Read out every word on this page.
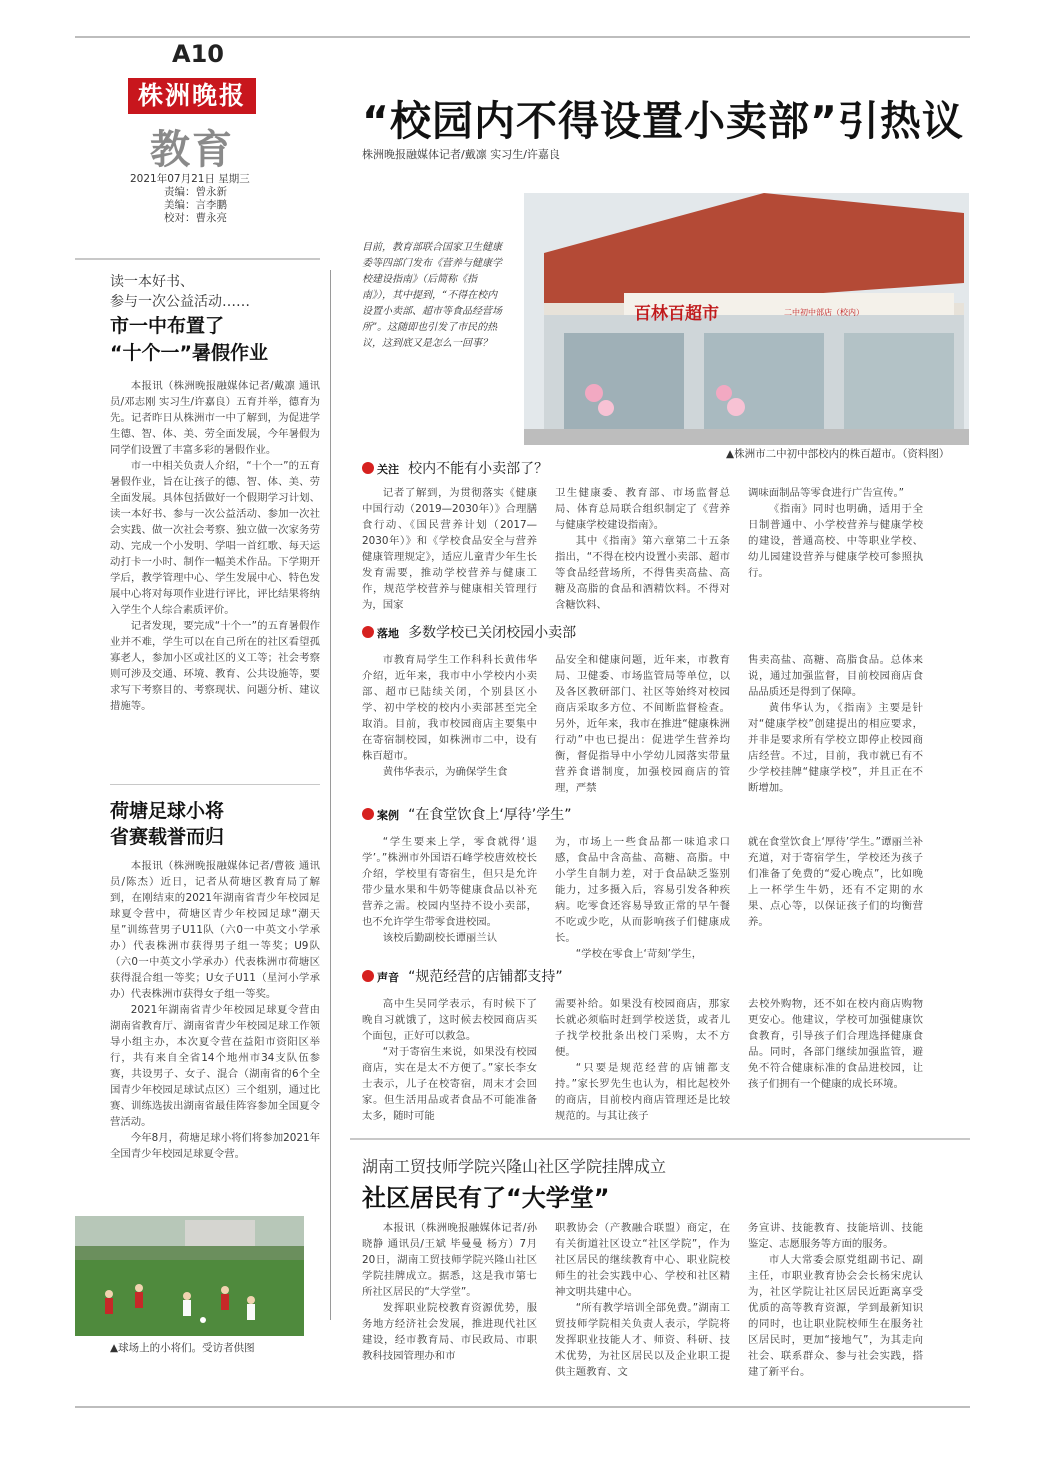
A10
株洲晚报
教育
2021年07月21日 星期三
责编：曾永新
美编：言李鹏
校对：曹永亮
“校园内不得设置小卖部”引热议
株洲晚报融媒体记者/戴凛 实习生/许嘉良
读一本好书、
参与一次公益活动……
市一中布置了
“十个一”暑假作业

本报讯（株洲晚报融媒体记者/戴凛 通讯员/邓志刚 实习生/许嘉良）五育并举，德育为先。记者昨日从株洲市一中了解到，为促进学生德、智、体、美、劳全面发展，今年暑假为同学们设置了丰富多彩的暑假作业。

市一中相关负责人介绍，“十个一”的五育暑假作业，旨在让孩子的德、智、体、美、劳全面发展。具体包括做好一个假期学习计划、读一本好书、参与一次公益活动、参加一次社会实践、做一次社会考察、独立做一次家务劳动、完成一个小发明、学唱一首红歌、每天运动打卡一小时、制作一幅美术作品。下学期开学后，教学管理中心、学生发展中心、特色发展中心将对每项作业进行评比，评比结果将纳入学生个人综合素质评价。

记者发现，要完成“十个一”的五育暑假作业并不难，学生可以在自己所在的社区看望孤寡老人，参加小区或社区的义工等；社会考察则可涉及交通、环境、教育、公共设施等，要求写下考察目的、考察现状、问题分析、建议措施等。

荷塘足球小将
省赛载誉而归

本报讯（株洲晚报融媒体记者/曹筱 通讯员/陈杰）近日，记者从荷塘区教育局了解到，在刚结束的2021年湖南省青少年校园足球夏令营中，荷塘区青少年校园足球“潮天星”训练营男子U11队（六0一中英文小学承办）代表株洲市获得男子组一等奖；U9队（六0一中英文小学承办）代表株洲市荷塘区获得混合组一等奖；U女子U11（星河小学承办）代表株洲市获得女子组一等奖。

2021年湖南省青少年校园足球夏令营由湖南省教育厅、湖南省青少年校园足球工作领导小组主办，本次夏令营在益阳市资阳区举行，共有来自全省14个地州市34支队伍参赛，共设男子、女子、混合（湖南省的6个全国青少年校园足球试点区）三个组别，通过比赛、训练选拔出湖南省最佳阵容参加全国夏令营活动。

今年8月，荷塘足球小将们将参加2021年全国青少年校园足球夏令营。

▲球场上的小将们。受访者供图
目前，教育部联合国家卫生健康委等四部门发布《营养与健康学校建设指南》（后简称《指南》），其中提到，“不得在校内设置小卖部、超市等食品经营场所”。这随即也引发了市民的热议，这到底又是怎么一回事？
百林百超市	二中初中部店（校内）
▲株洲市二中初中部校内的株百超市。（资料图）
关注 校内不能有小卖部了？

记者了解到，为贯彻落实《健康中国行动（2019—2030年）》合理膳食行动、《国民营养计划（2017—2030年）》和《学校食品安全与营养健康管理规定》，适应儿童青少年生长发育需要，推动学校营养与健康工作，规范学校营养与健康相关管理行为，国家

卫生健康委、教育部、市场监督总局、体育总局联合组织制定了《营养与健康学校建设指南》。

其中《指南》第六章第二十五条指出，“不得在校内设置小卖部、超市等食品经营场所，不得售卖高盐、高糖及高脂的食品和酒精饮料。不得对含糖饮料、

调味面制品等零食进行广告宣传。”

《指南》同时也明确，适用于全日制普通中、小学校营养与健康学校的建设，普通高校、中等职业学校、幼儿园建设营养与健康学校可参照执行。

落地 多数学校已关闭校园小卖部

市教育局学生工作科科长黄伟华介绍，近年来，我市中小学校内小卖部、超市已陆续关闭，个别县区小学、初中学校的校内小卖部甚至完全取消。目前，我市校园商店主要集中在寄宿制校园，如株洲市二中，设有株百超市。

黄伟华表示，为确保学生食

品安全和健康问题，近年来，市教育局、卫健委、市场监管局等单位，以及各区教研部门、社区等始终对校园商店采取多方位、不间断监督检查。另外，近年来，我市在推进“健康株洲行动”中也已提出：促进学生营养均衡，督促指导中小学幼儿园落实带量营养食谱制度，加强校园商店的管理，严禁

售卖高盐、高糖、高脂食品。总体来说，通过加强监督，目前校园商店食品品质还是得到了保障。

黄伟华认为，《指南》主要是针对“健康学校”创建提出的相应要求，并非是要求所有学校立即停止校园商店经营。不过，目前，我市就已有不少学校挂牌“健康学校”，并且正在不断增加。

案例 “在食堂饮食上‘厚待’学生”

“学生要来上学，零食就得‘退学’。”株洲市外国语石峰学校唐效校长介绍，学校里有寄宿生，但只是允许带少量水果和牛奶等健康食品以补充营养之需。校园内坚持不设小卖部，也不允许学生带零食进校园。

该校后勤副校长谭丽兰认

为，市场上一些食品都一味追求口感，食品中含高盐、高糖、高脂。中小学生自制力差，对于食品缺乏鉴别能力，过多摄入后，容易引发各种疾病。吃零食还容易导致正常的早午餐不吃或少吃，从而影响孩子们健康成长。

“学校在零食上‘苛刻’学生，

就在食堂饮食上‘厚待’学生。”谭丽兰补充道，对于寄宿学生，学校还为孩子们准备了免费的“爱心晚点”，比如晚上一杯学生牛奶，还有不定期的水果、点心等，以保证孩子们的均衡营养。

声音 “规范经营的店铺都支持”

高中生吴同学表示，有时候下了晚自习就饿了，这时候去校园商店买个面包，正好可以救急。

“对于寄宿生来说，如果没有校园商店，实在是太不方便了。”家长李女士表示，儿子在校寄宿，周末才会回家。但生活用品或者食品不可能准备太多，随时可能

需要补给。如果没有校园商店，那家长就必须临时赶到学校送货，或者儿子找学校批条出校门采购，太不方便。

“只要是规范经营的店铺都支持。”家长罗先生也认为，相比起校外的商店，目前校内商店管理还是比较规范的。与其让孩子

去校外购物，还不如在校内商店购物更安心。他建议，学校可加强健康饮食教育，引导孩子们合理选择健康食品。同时，各部门继续加强监管，避免不符合健康标准的食品进校园，让孩子们拥有一个健康的成长环境。

湖南工贸技师学院兴隆山社区学院挂牌成立
社区居民有了“大学堂”

本报讯（株洲晚报融媒体记者/孙晓静 通讯员/王斌 毕曼曼 杨方）7月20日，湖南工贸技师学院兴隆山社区学院挂牌成立。据悉，这是我市第七所社区居民的“大学堂”。

发挥职业院校教育资源优势，服务地方经济社会发展，推进现代社区建设，经市教育局、市民政局、市职教科技园管理办和市

职教协会（产教融合联盟）商定，在有关街道社区设立“社区学院”，作为社区居民的继续教育中心、职业院校师生的社会实践中心、学校和社区精神文明共建中心。

“所有教学培训全部免费。”湖南工贸技师学院相关负责人表示，学院将发挥职业技能人才、师资、科研、技术优势，为社区居民以及企业职工提供主题教育、文

务宣讲、技能教育、技能培训、技能鉴定、志愿服务等方面的服务。

市人大常委会原党组副书记、副主任，市职业教育协会会长杨宋虎认为，社区学院让社区居民近距离享受优质的高等教育资源，学到最新知识的同时，也让职业院校师生在服务社区居民时，更加“接地气”，为其走向社会、联系群众、参与社会实践，搭建了新平台。
